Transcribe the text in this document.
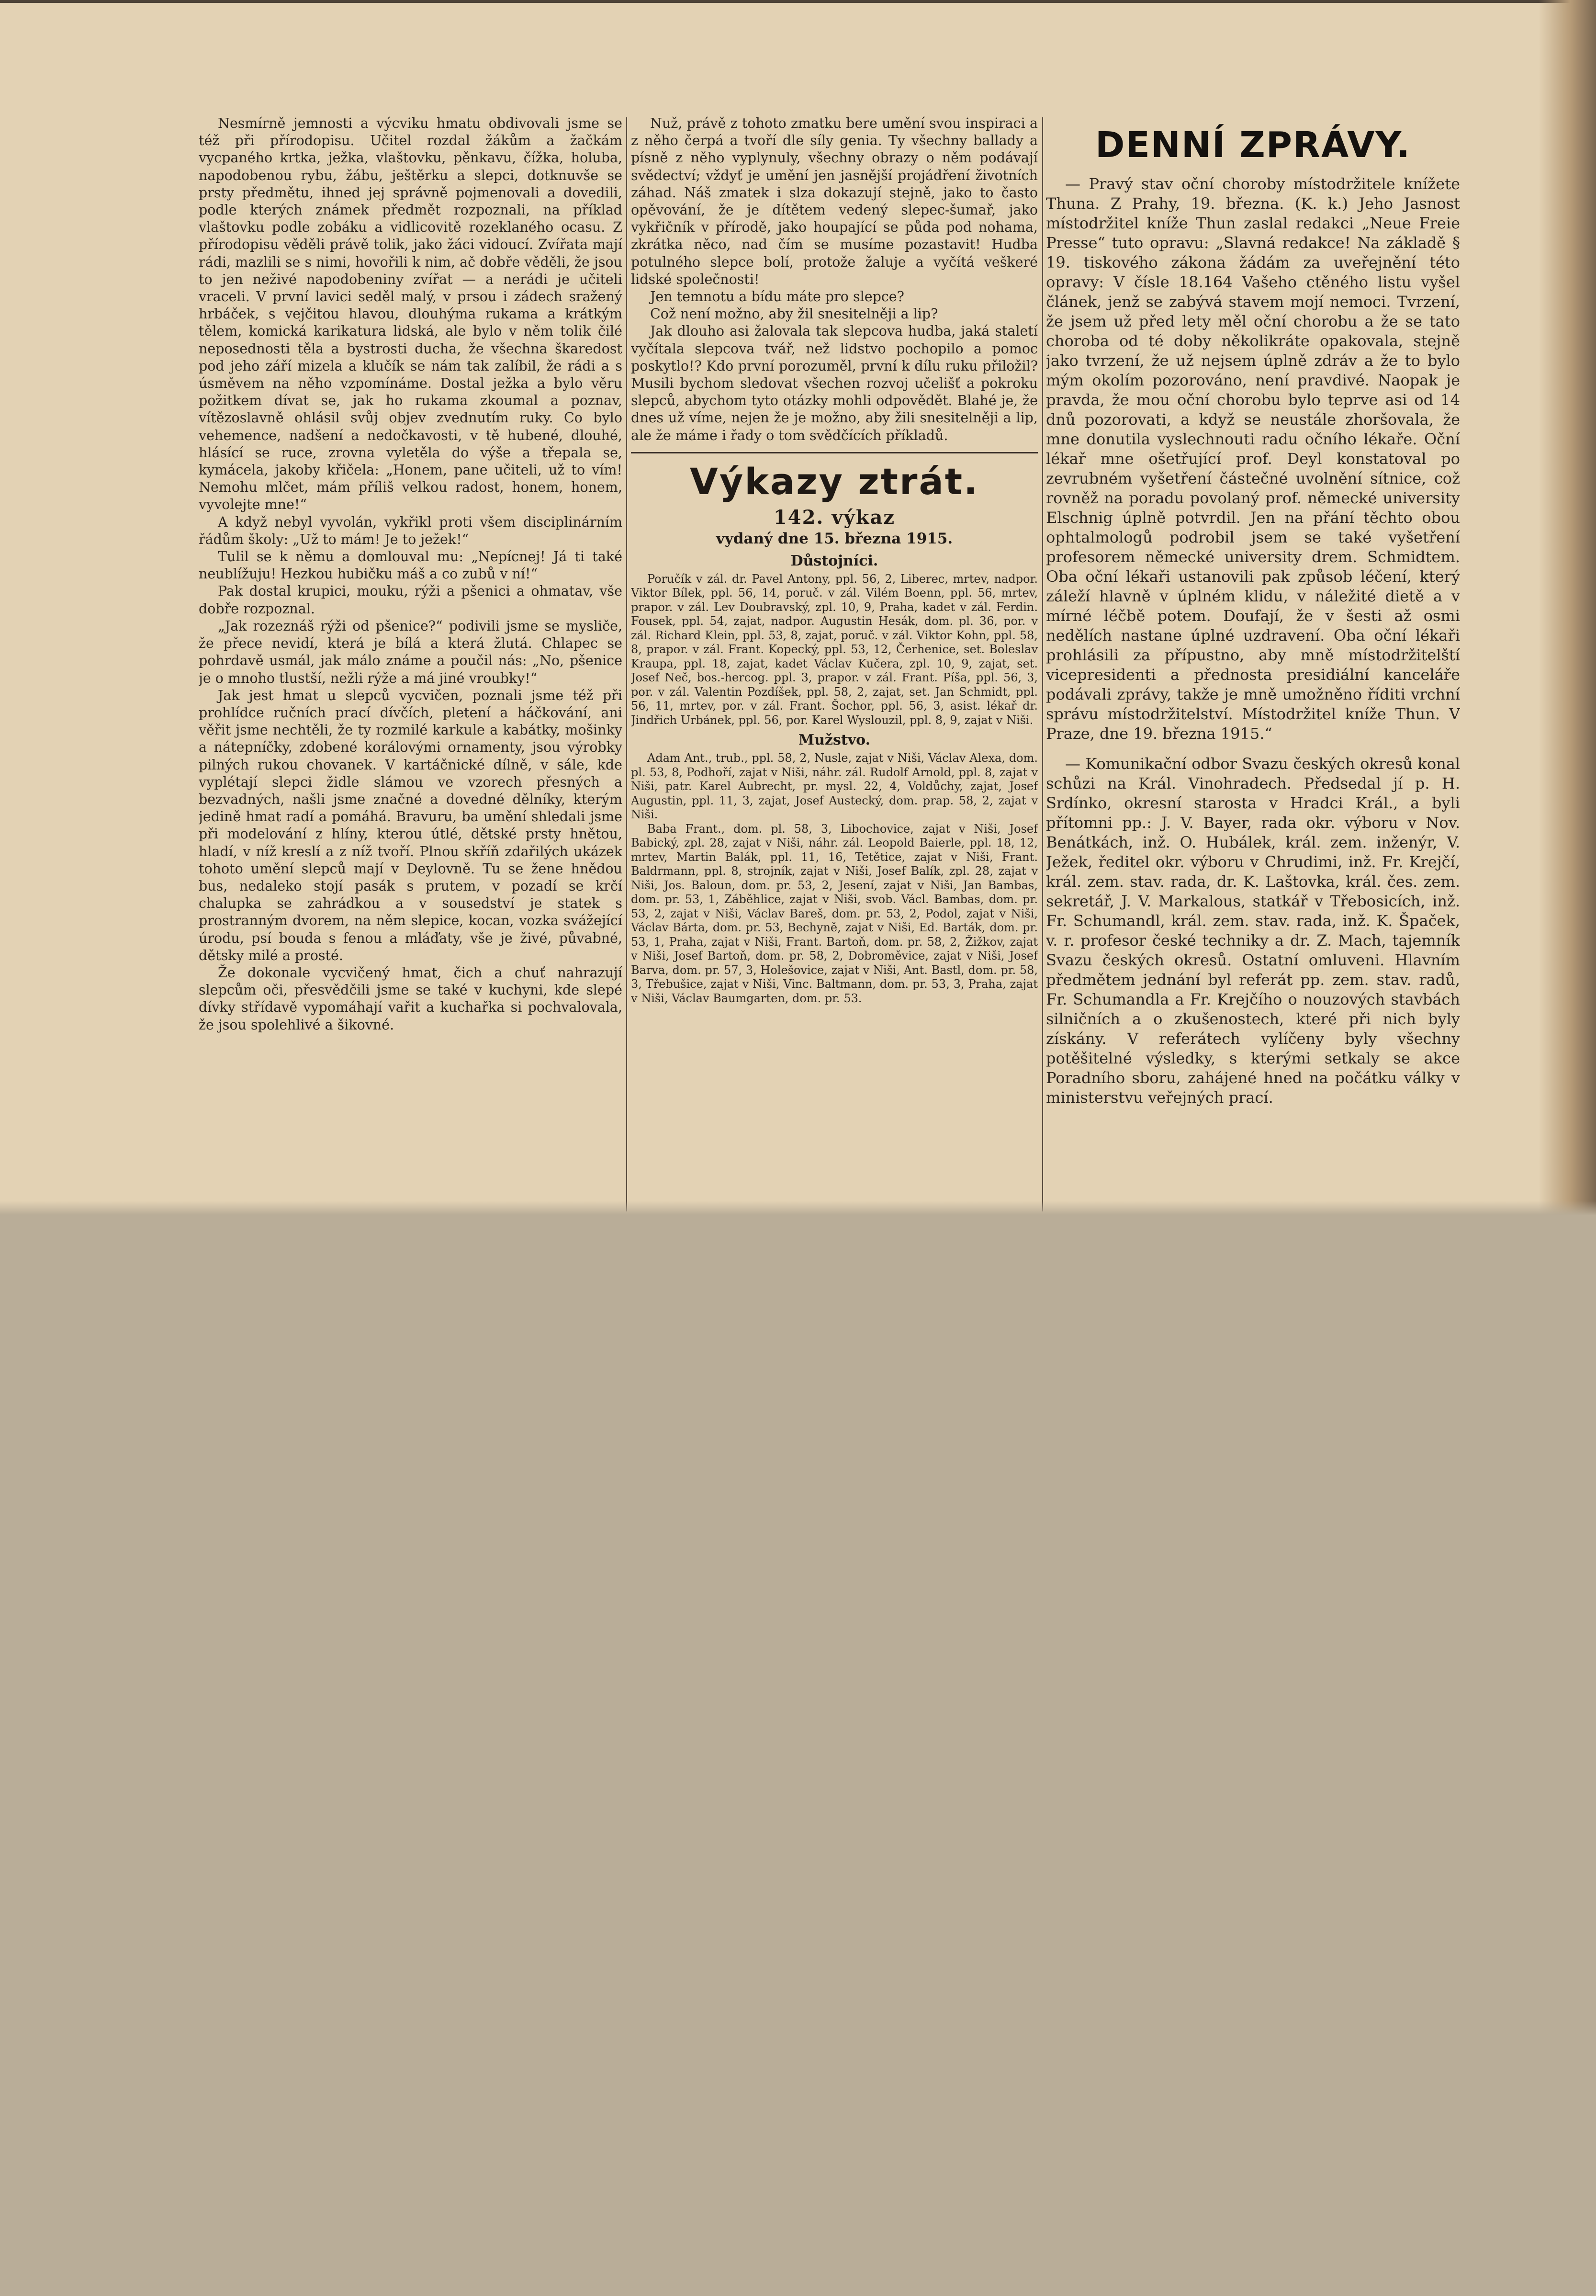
Nesmírně jemnosti a výcviku hmatu obdivovali jsme se též při přírodopisu. Učitel rozdal žákům a žačkám vycpaného krtka, ježka, vlaštovku, pěnkavu, čížka, holuba, napodobenou rybu, žábu, ještěrku a slepci, dotknuvše se prsty předmětu, ihned jej správně pojmenovali a dovedili, podle kterých známek předmět rozpoznali, na příklad vlaštovku podle zobáku a vidlicovitě rozeklaného ocasu. Z přírodopisu věděli právě tolik, jako žáci vidoucí. Zvířata mají rádi, mazlili se s nimi, hovořili k nim, ač dobře věděli, že jsou to jen neživé napodobeniny zvířat — a nerádi je učiteli vraceli. V první lavici seděl malý, v prsou i zádech sražený hrbáček, s vejčitou hlavou, dlouhýma rukama a krátkým tělem, komická karikatura lidská, ale bylo v něm tolik čilé neposednosti těla a bystrosti ducha, že všechna škaredost pod jeho září mizela a klučík se nám tak zalíbil, že rádi a s úsměvem na něho vzpomínáme. Dostal ježka a bylo věru požitkem dívat se, jak ho rukama zkoumal a poznav, vítězoslavně ohlásil svůj objev zvednutím ruky. Co bylo vehemence, nadšení a nedočkavosti, v tě hubené, dlouhé, hlásící se ruce, zrovna vyletěla do výše a třepala se, kymácela, jakoby křičela: „Honem, pane učiteli, už to vím! Nemohu mlčet, mám příliš velkou radost, honem, honem, vyvolejte mne!“

A když nebyl vyvolán, vykřikl proti všem disciplinárním řádům školy: „Už to mám! Je to ježek!“

Tulil se k němu a domlouval mu: „Nepícnej! Já ti také neublížuju! Hezkou hubičku máš a co zubů v ní!“

Pak dostal krupici, mouku, rýži a pšenici a ohmatav, vše dobře rozpoznal.

„Jak rozeznáš rýži od pšenice?“ podivili jsme se mysliče, že přece nevidí, která je bílá a která žlutá. Chlapec se pohrdavě usmál, jak málo známe a poučil nás: „No, pšenice je o mnoho tlustší, nežli rýže a má jiné vroubky!“

Jak jest hmat u slepců vycvičen, poznali jsme též při prohlídce ručních prací dívčích, pletení a háčkování, ani věřit jsme nechtěli, že ty rozmilé karkule a kabátky, mošinky a nátepníčky, zdobené korálovými ornamenty, jsou výrobky pilných rukou chovanek. V kartáčnické dílně, v sále, kde vyplétají slepci židle slámou ve vzorech přesných a bezvadných, našli jsme značné a dovedné dělníky, kterým jedině hmat radí a pomáhá. Bravuru, ba umění shledali jsme při modelování z hlíny, kterou útlé, dětské prsty hnětou, hladí, v níž kreslí a z níž tvoří. Plnou skříň zdařilých ukázek tohoto umění slepců mají v Deylovně. Tu se žene hnědou bus, nedaleko stojí pasák s prutem, v pozadí se krčí chalupka se zahrádkou a v sousedství je statek s prostranným dvorem, na něm slepice, kocan, vozka svážející úrodu, psí bouda s fenou a mláďaty, vše je živé, půvabné, dětsky milé a prosté.

Že dokonale vycvičený hmat, čich a chuť nahrazují slepcům oči, přesvědčili jsme se také v kuchyni, kde slepé dívky střídavě vypomáhají vařit a kuchařka si pochvalovala, že jsou spolehlivé a šikovné.

Nuž, právě z tohoto zmatku bere umění svou inspiraci a z něho čerpá a tvoří dle síly genia. Ty všechny ballady a písně z něho vyplynuly, všechny obrazy o něm podávají svědectví; vždyť je umění jen jasnější projádření životních záhad. Náš zmatek i slza dokazují stejně, jako to často opěvování, že je dítětem vedený slepec-šumař, jako vykřičník v přírodě, jako houpající se půda pod nohama, zkrátka něco, nad čím se musíme pozastavit! Hudba potulného slepce bolí, protože žaluje a vyčítá veškeré lidské společnosti!

Jen temnotu a bídu máte pro slepce?

Což není možno, aby žil snesitelněji a lip?

Jak dlouho asi žalovala tak slepcova hudba, jaká staletí vyčítala slepcova tvář, než lidstvo pochopilo a pomoc poskytlo!? Kdo první porozuměl, první k dílu ruku přiložil? Musili bychom sledovat všechen rozvoj učelišť a pokroku slepců, abychom tyto otázky mohli odpovědět. Blahé je, že dnes už víme, nejen že je možno, aby žili snesitelněji a lip, ale že máme i řady o tom svědčících příkladů.

Výkazy ztrát.
142. výkaz
vydaný dne 15. března 1915.
Důstojníci.

Poručík v zál. dr. Pavel Antony, ppl. 56, 2, Liberec, mrtev, nadpor. Viktor Bílek, ppl. 56, 14, poruč. v zál. Vilém Boenn, ppl. 56, mrtev, prapor. v zál. Lev Doubravský, zpl. 10, 9, Praha, kadet v zál. Ferdin. Fousek, ppl. 54, zajat, nadpor. Augustin Hesák, dom. pl. 36, por. v zál. Richard Klein, ppl. 53, 8, zajat, poruč. v zál. Viktor Kohn, ppl. 58, 8, prapor. v zál. Frant. Kopecký, ppl. 53, 12, Čerhenice, set. Boleslav Kraupa, ppl. 18, zajat, kadet Václav Kučera, zpl. 10, 9, zajat, set. Josef Neč, bos.-hercog. ppl. 3, prapor. v zál. Frant. Píša, ppl. 56, 3, por. v zál. Valentin Pozdíšek, ppl. 58, 2, zajat, set. Jan Schmidt, ppl. 56, 11, mrtev, por. v zál. Frant. Šochor, ppl. 56, 3, asist. lékař dr. Jindřich Urbánek, ppl. 56, por. Karel Wyslouzil, ppl. 8, 9, zajat v Niši.

Mužstvo.

Adam Ant., trub., ppl. 58, 2, Nusle, zajat v Niši, Václav Alexa, dom. pl. 53, 8, Podhoří, zajat v Niši, náhr. zál. Rudolf Arnold, ppl. 8, zajat v Niši, patr. Karel Aubrecht, pr. mysl. 22, 4, Voldůchy, zajat, Josef Augustin, ppl. 11, 3, zajat, Josef Austecký, dom. prap. 58, 2, zajat v Niši.

Baba Frant., dom. pl. 58, 3, Libochovice, zajat v Niši, Josef Babický, zpl. 28, zajat v Niši, náhr. zál. Leopold Baierle, ppl. 18, 12, mrtev, Martin Balák, ppl. 11, 16, Tetětice, zajat v Niši, Frant. Baldrmann, ppl. 8, strojník, zajat v Niši, Josef Balík, zpl. 28, zajat v Niši, Jos. Baloun, dom. pr. 53, 2, Jesení, zajat v Niši, Jan Bambas, dom. pr. 53, 1, Záběhlice, zajat v Niši, svob. Václ. Bambas, dom. pr. 53, 2, zajat v Niši, Václav Bareš, dom. pr. 53, 2, Podol, zajat v Niši, Václav Bárta, dom. pr. 53, Bechyně, zajat v Niši, Ed. Barták, dom. pr. 53, 1, Praha, zajat v Niši, Frant. Bartoň, dom. pr. 58, 2, Žižkov, zajat v Niši, Josef Bartoň, dom. pr. 58, 2, Dobroměvice, zajat v Niši, Josef Barva, dom. pr. 57, 3, Holešovice, zajat v Niši, Ant. Bastl, dom. pr. 58, 3, Třebušice, zajat v Niši, Vinc. Baltmann, dom. pr. 53, 3, Praha, zajat v Niši, Václav Baumgarten, dom. pr. 53.

DENNÍ ZPRÁVY.

— Pravý stav oční choroby místodržitele knížete Thuna. Z Prahy, 19. března. (K. k.) Jeho Jasnost místodržitel kníže Thun zaslal redakci „Neue Freie Presse“ tuto opravu: „Slavná redakce! Na základě § 19. tiskového zákona žádám za uveřejnění této opravy: V čísle 18.164 Vašeho ctěného listu vyšel článek, jenž se zabývá stavem mojí nemoci. Tvrzení, že jsem už před lety měl oční chorobu a že se tato choroba od té doby několikráte opakovala, stejně jako tvrzení, že už nejsem úplně zdráv a že to bylo mým okolím pozorováno, není pravdivé. Naopak je pravda, že mou oční chorobu bylo teprve asi od 14 dnů pozorovati, a když se neustále zhoršovala, že mne donutila vyslechnouti radu očního lékaře. Oční lékař mne ošetřující prof. Deyl konstatoval po zevrubném vyšetření částečné uvolnění sítnice, což rovněž na poradu povolaný prof. německé university Elschnig úplně potvrdil. Jen na přání těchto obou ophtalmologů podrobil jsem se také vyšetření profesorem německé university drem. Schmidtem. Oba oční lékaři ustanovili pak způsob léčení, který záleží hlavně v úplném klidu, v náležité dietě a v mírné léčbě potem. Doufají, že v šesti až osmi nedělích nastane úplné uzdravení. Oba oční lékaři prohlásili za přípustno, aby mně místodržitelští vicepresidenti a přednosta presidiální kanceláře podávali zprávy, takže je mně umožněno říditi vrchní správu místodržitelství. Místodržitel kníže Thun. V Praze, dne 19. března 1915.“

— Komunikační odbor Svazu českých okresů konal schůzi na Král. Vinohradech. Předsedal jí p. H. Srdínko, okresní starosta v Hradci Král., a byli přítomni pp.: J. V. Bayer, rada okr. výboru v Nov. Benátkách, inž. O. Hubálek, král. zem. inženýr, V. Ježek, ředitel okr. výboru v Chrudimi, inž. Fr. Krejčí, král. zem. stav. rada, dr. K. Laštovka, král. čes. zem. sekretář, J. V. Markalous, statkář v Třebosicích, inž. Fr. Schumandl, král. zem. stav. rada, inž. K. Špaček, v. r. profesor české techniky a dr. Z. Mach, tajemník Svazu českých okresů. Ostatní omluveni. Hlavním předmětem jednání byl referát pp. zem. stav. radů, Fr. Schumandla a Fr. Krejčího o nouzových stavbách silničních a o zkušenostech, které při nich byly získány. V referátech vylíčeny byly všechny potěšitelné výsledky, s kterými setkaly se akce Poradního sboru, zahájené hned na počátku války v ministerstvu veřejných prací.
